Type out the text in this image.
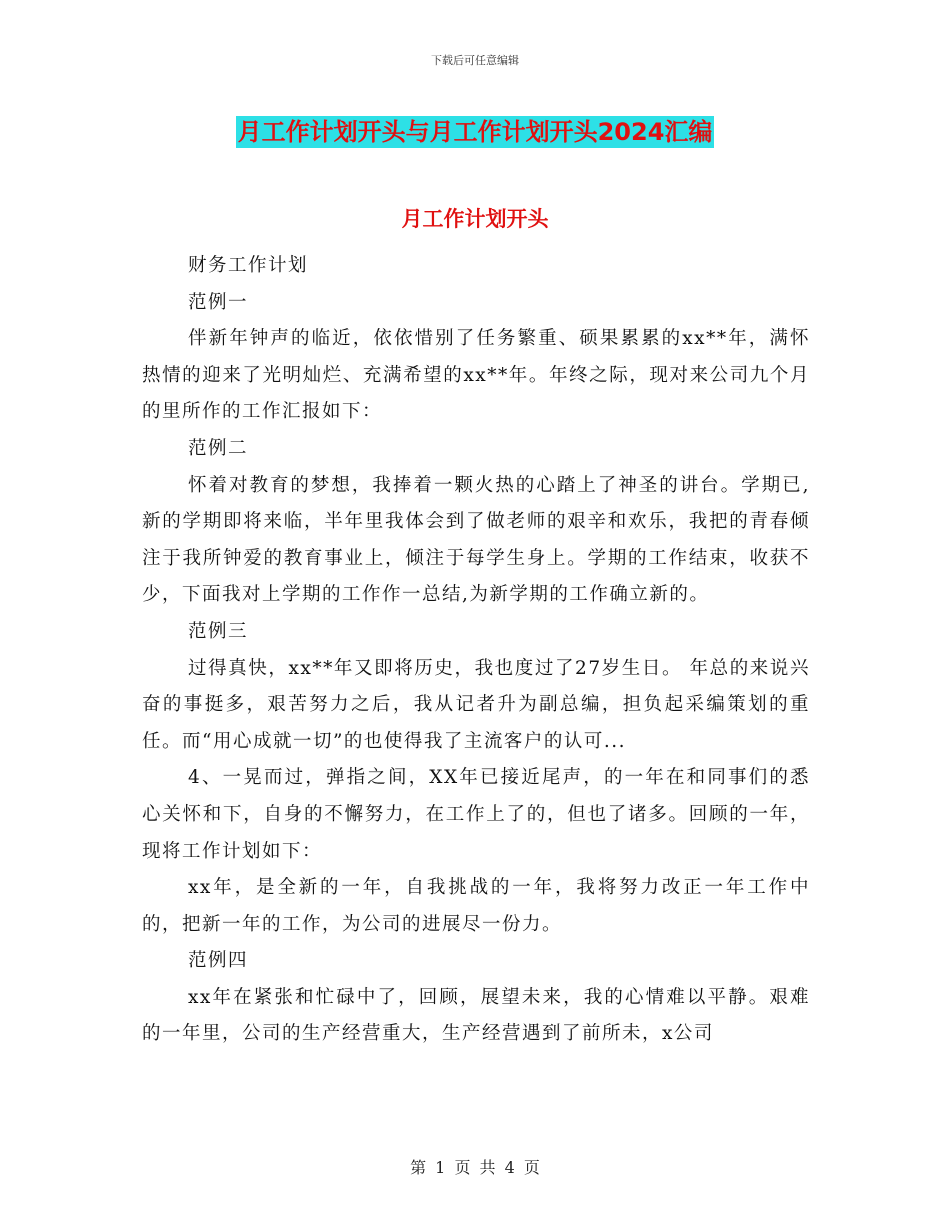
下载后可任意编辑
月工作计划开头与月工作计划开头2024汇编
月工作计划开头

财务工作计划

范例一

伴新年钟声的临近，依依惜别了任务繁重、硕果累累的xx**年，满怀热情的迎来了光明灿烂、充满希望的xx**年。年终之际，现对来公司九个月的里所作的工作汇报如下：

范例二

怀着对教育的梦想，我捧着一颗火热的心踏上了神圣的讲台。学期已,新的学期即将来临，半年里我体会到了做老师的艰辛和欢乐，我把的青春倾注于我所钟爱的教育事业上，倾注于每学生身上。学期的工作结束，收获不少，下面我对上学期的工作作一总结,为新学期的工作确立新的。

范例三

过得真快，xx**年又即将历史，我也度过了27岁生日。 年总的来说兴奋的事挺多，艰苦努力之后，我从记者升为副总编，担负起采编策划的重任。而“用心成就一切”的也使得我了主流客户的认可...

4、一晃而过，弹指之间，XX年已接近尾声，的一年在和同事们的悉心关怀和下，自身的不懈努力，在工作上了的，但也了诸多。回顾的一年，现将工作计划如下：

xx年，是全新的一年，自我挑战的一年，我将努力改正一年工作中的，把新一年的工作，为公司的进展尽一份力。

范例四

xx年在紧张和忙碌中了，回顾，展望未来，我的心情难以平静。艰难的一年里，公司的生产经营重大，生产经营遇到了前所未，x公司

第 1 页 共 4 页
